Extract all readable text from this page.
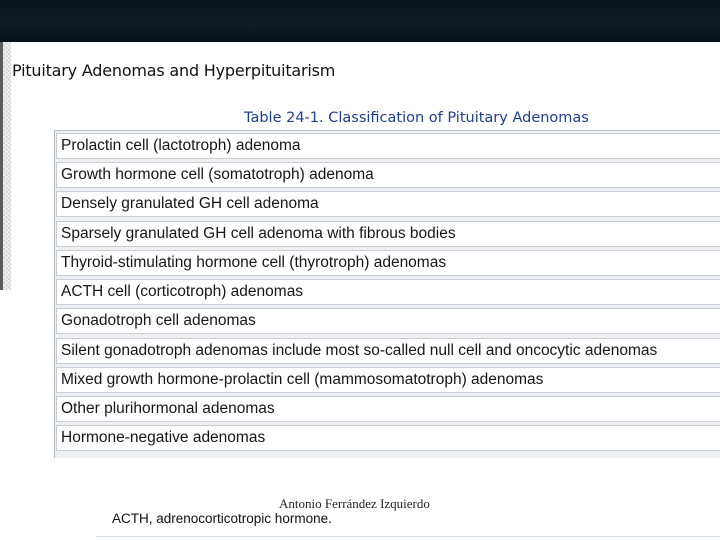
Pituitary Adenomas and Hyperpituitarism
Table 24-1. Classification of Pituitary Adenomas
Prolactin cell (lactotroph) adenoma
Growth hormone cell (somatotroph) adenoma
Densely granulated GH cell adenoma
Sparsely granulated GH cell adenoma with fibrous bodies
Thyroid-stimulating hormone cell (thyrotroph) adenomas
ACTH cell (corticotroph) adenomas
Gonadotroph cell adenomas
Silent gonadotroph adenomas include most so-called null cell and oncocytic adenomas
Mixed growth hormone-prolactin cell (mammosomatotroph) adenomas
Other plurihormonal adenomas
Hormone-negative adenomas
Antonio Ferrández Izquierdo
ACTH, adrenocorticotropic hormone.
